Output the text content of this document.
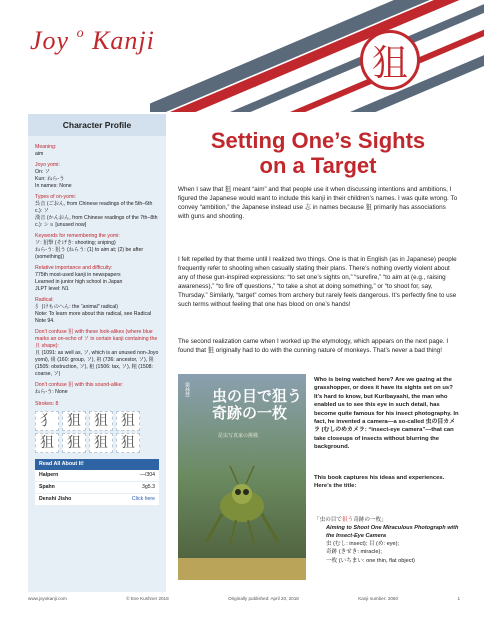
Joy $^o$ Kanji
狙
Character Profile
Meaning:
aim
Joyo yomi:
On: ソ
Kun: ねら-う
In names: None
Types of on-yomi:
呉音 (ごおん, from Chinese readings of the 5th–6th c.): ソ
漢音 (かんおん, from Chinese readings of the 7th–8th c.): ショ [unused now]
Keywords for remembering the yomi:
ソ: 狙撃 (そげき: shooting; sniping)
ねら-う: 狙う (ねらう: (1) to aim at; (2) be after (something))
Relative importance and difficulty:
775th most-used kanji in newspapers
Learned in junior high school in Japan
JLPT level: N1
Radical:
犭 (けものへん: the “animal” radical)
Note: To learn more about this radical, see Radical Note 94.
Don’t confuse 狙 with these look-alikes (where blue marks an on-echo of ソ in certain kanji containing the 且 shape):
且 (1091: as well as, ソ, which is an unused non-Joyo yomi), 組 (160: group, ソ), 祖 (736: ancestor, ソ), 阻 (1505: obstruction, ソ), 租 (1506: tax, ソ), 粗 (1508: coarse, ソ)
Don’t confuse 狙 with this sound-alike:
ねら-う: None
Strokes: 8
犭 狙 狙 狙
狙 狙 狙 狙
Read All About It!
Halpern	—/304
Spahn	3g5.3
Denshi Jisho	Click here
Setting One’s Sights
on a Target
When I saw that 狙 meant “aim” and that people use it when discussing intentions and ambitions, I figured the Japanese would want to include this kanji in their children’s names. I was quite wrong. To convey “ambition,” the Japanese instead use 志 in names because 狙 primarily has associations with guns and shooting.
I felt repelled by that theme until I realized two things. One is that in English (as in Japanese) people frequently refer to shooting when casually stating their plans. There’s nothing overtly violent about any of these gun-inspired expressions: “to set one’s sights on,” “surefire,” “to aim at (e.g., raising awareness),” “to fire off questions,” “to take a shot at doing something,” or “to shoot for, say, Thursday.” Similarly, “target” comes from archery but rarely feels dangerous. It’s perfectly fine to use such terms without feeling that one has blood on one’s hands!
The second realization came when I worked up the etymology, which appears on the next page. I found that 狙 originally had to do with the cunning nature of monkeys. That’s never a bad thing!
栗林慧 虫の目で狙う奇跡の一枚
昆虫写真家の挑戦
Who is being watched here? Are we gazing at the grasshopper, or does it have its sights set on us? It’s hard to know, but Kuribayashi, the man who enabled us to see this eye in such detail, has become quite famous for his insect photography. In fact, he invented a camera—a so-called 虫の目カメラ (むしのめカメラ: “insect-eye camera”—that can take closeups of insects without blurring the background.
This book captures his ideas and experiences. Here’s the title:
「虫の目で狙う奇跡の一枚」
Aiming to Shoot One Miraculous Photograph with the Insect-Eye Camera
虫 (むし: insect); 目 (め: eye);
奇跡 (きせき: miracle);
一枚 (いちまい: one thin, flat object)
www.joyokanji.com	© Eve Kushner 2018	Originally published: April 20, 2018	Kanji number: 2060	1
